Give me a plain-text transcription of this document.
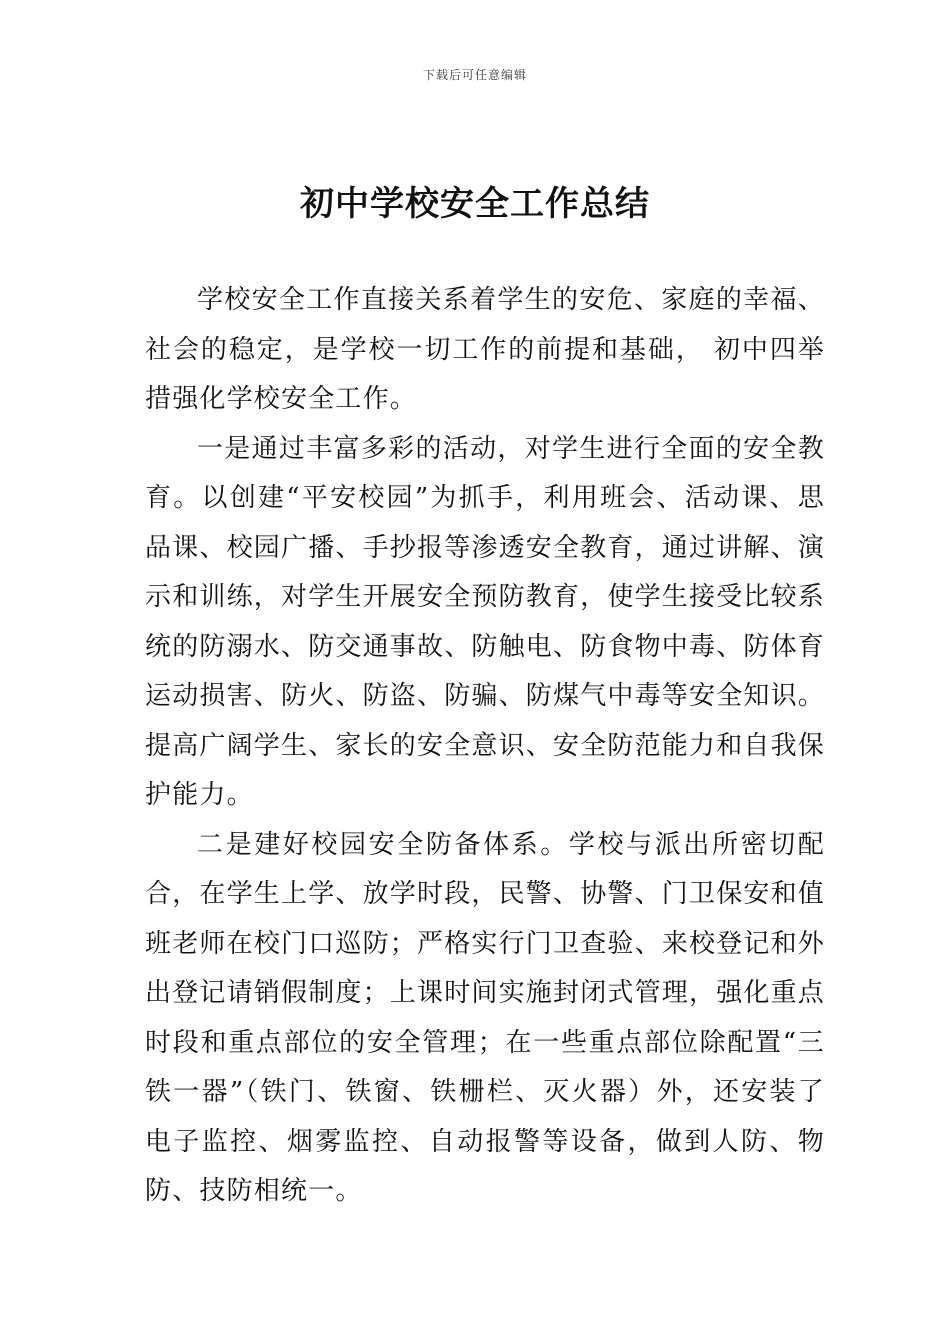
下载后可任意编辑
初中学校安全工作总结

学校安全工作直接关系着学生的安危、家庭的幸福、社会的稳定，是学校一切工作的前提和基础， 初中四举措强化学校安全工作。

一是通过丰富多彩的活动，对学生进行全面的安全教育。以创建“平安校园”为抓手，利用班会、活动课、思品课、校园广播、手抄报等渗透安全教育，通过讲解、演示和训练，对学生开展安全预防教育，使学生接受比较系统的防溺水、防交通事故、防触电、防食物中毒、防体育运动损害、防火、防盗、防骗、防煤气中毒等安全知识。提高广阔学生、家长的安全意识、安全防范能力和自我保护能力。

二是建好校园安全防备体系。学校与派出所密切配合，在学生上学、放学时段，民警、协警、门卫保安和值班老师在校门口巡防；严格实行门卫查验、来校登记和外出登记请销假制度；上课时间实施封闭式管理，强化重点时段和重点部位的安全管理；在一些重点部位除配置“三铁一器”（铁门、铁窗、铁栅栏、灭火器）外，还安装了电子监控、烟雾监控、自动报警等设备，做到人防、物防、技防相统一。
